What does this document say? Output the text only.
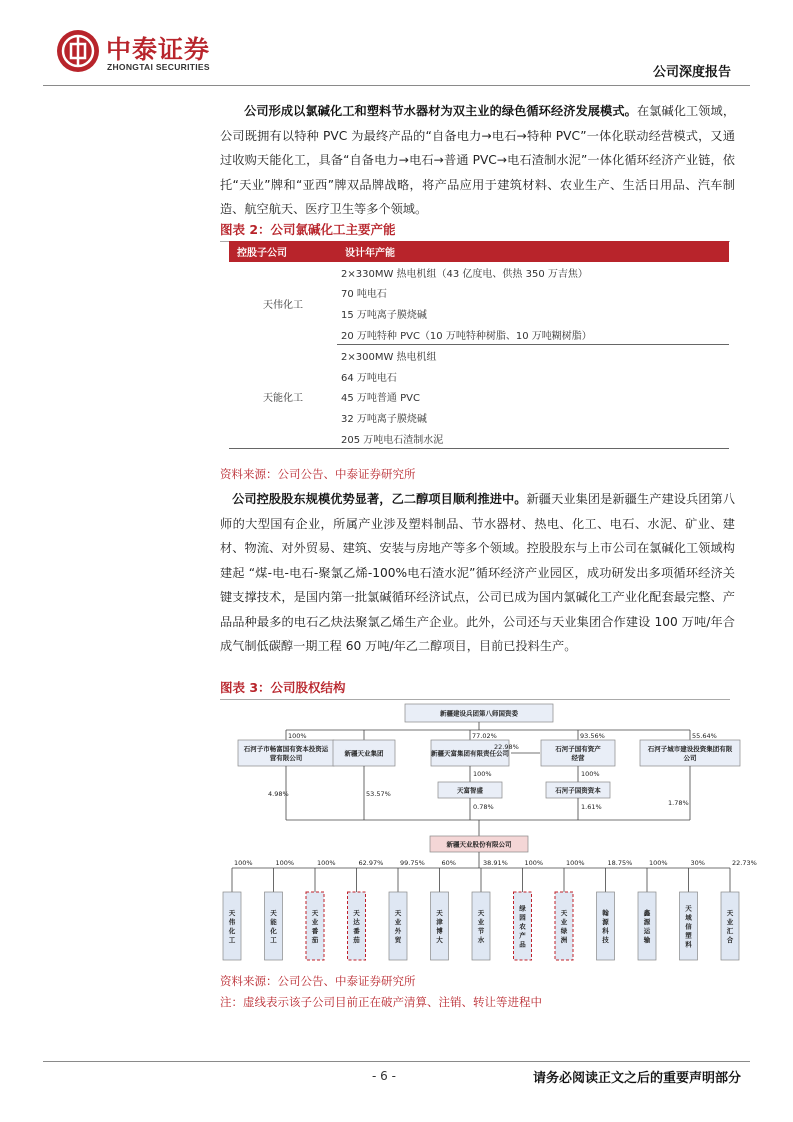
中泰证券
ZHONGTAI SECURITIES	公司深度报告

公司形成以氯碱化工和塑料节水器材为双主业的绿色循环经济发展模式。在氯碱化工领域，公司既拥有以特种 PVC 为最终产品的“自备电力→电石→特种 PVC”一体化联动经营模式，又通过收购天能化工，具备“自备电力→电石→普通 PVC→电石渣制水泥”一体化循环经济产业链，依托“天业”牌和“亚西”牌双品牌战略，将产品应用于建筑材料、农业生产、生活日用品、汽车制造、航空航天、医疗卫生等多个领域。

图表 2：公司氯碱化工主要产能
控股子公司	设计年产能
天伟化工	2×330MW 热电机组（43 亿度电、供热 350 万吉焦）
	70 吨电石
	15 万吨离子膜烧碱
	20 万吨特种 PVC（10 万吨特种树脂、10 万吨糊树脂）
天能化工	2×300MW 热电机组
	64 万吨电石
	45 万吨普通 PVC
	32 万吨离子膜烧碱
	205 万吨电石渣制水泥
资料来源：公司公告、中泰证券研究所

公司控股股东规模优势显著，乙二醇项目顺利推进中。新疆天业集团是新疆生产建设兵团第八师的大型国有企业，所属产业涉及塑料制品、节水器材、热电、化工、电石、水泥、矿业、建材、物流、对外贸易、建筑、安装与房地产等多个领域。控股股东与上市公司在氯碱化工领域构建起 “煤-电-电石-聚氯乙烯-100%电石渣水泥”循环经济产业园区，成功研发出多项循环经济关键支撑技术，是国内第一批氯碱循环经济试点，公司已成为国内氯碱化工产业化配套最完整、产品品种最多的电石乙炔法聚氯乙烯生产企业。此外，公司还与天业集团合作建设 100 万吨/年合成气制低碳醇一期工程 60 万吨/年乙二醇项目，目前已投料生产。

图表 3：公司股权结构
新疆建设兵团第八师国资委
石河子市畅富国有资本投资运
营有限公司
100%
新疆天业集团	新疆天富集团有限责任公司
77.02%
石河子国有资产
经营
93.56%
石河子城市建设投资集团有限
公司
55.64%
100%
天富智盛
100%
石河子国资资本
22.98%
4.98%	53.57%
0.78%	1.61%	1.78%
新疆天业股份有限公司
100%
天
伟
化
工
100%
天
能
化
工
100%
天
业
番
茄
62.97%
天
达
番
茄
99.75%
天
业
外
贸
60%
天
津
博
大
38.91%
天
业
节
水
100%
绿
园
农
产
品
100%
天
业
绿
洲
18.75%
翰
源
科
技
100%
鑫
源
运
输
30%
天
域
信
塑
料
22.73%
天
业
汇
合
资料来源：公司公告、中泰证券研究所
注：虚线表示该子公司目前正在破产清算、注销、转让等进程中
- 6 -	请务必阅读正文之后的重要声明部分
